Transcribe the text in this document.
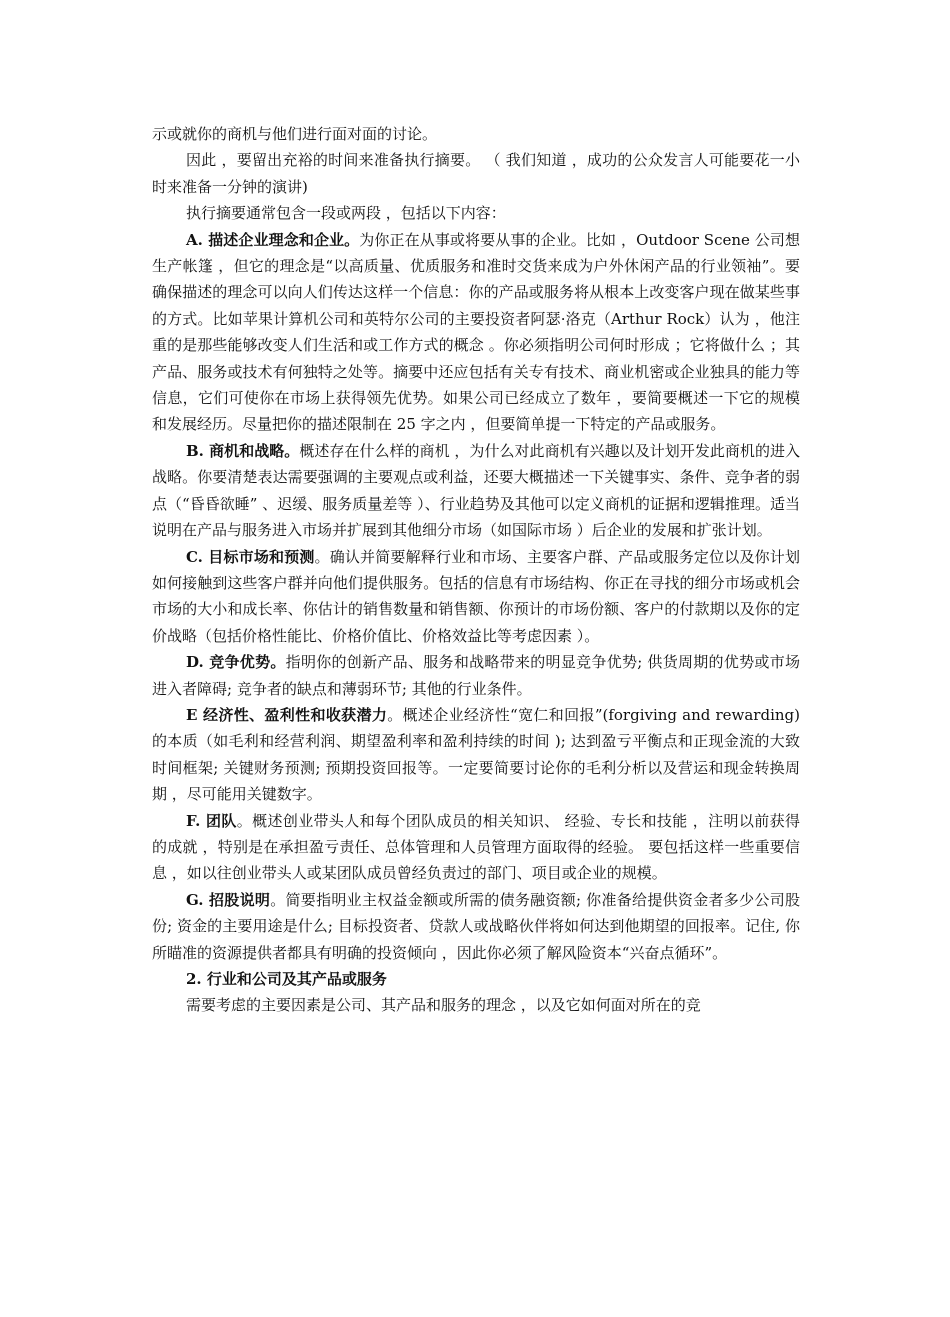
示或就你的商机与他们进行面对面的讨论。

因此 ，要留出充裕的时间来准备执行摘要。 （ 我们知道 ，成功的公众发言人可能要花一小时来准备一分钟的演讲)

执行摘要通常包含一段或两段 ，包括以下内容：

A. 描述企业理念和企业。为你正在从事或将要从事的企业。比如 ，Outdoor Scene 公司想生产帐篷 ，但它的理念是“以高质量、优质服务和准时交货来成为户外休闲产品的行业领袖”。要确保描述的理念可以向人们传达这样一个信息：你的产品或服务将从根本上改变客户现在做某些事的方式。比如苹果计算机公司和英特尔公司的主要投资者阿瑟·洛克（Arthur Rock）认为 ，他注重的是那些能够改变人们生活和或工作方式的概念 。你必须指明公司何时形成 ；它将做什么 ；其产品、服务或技术有何独特之处等。摘要中还应包括有关专有技术、商业机密或企业独具的能力等信息，它们可使你在市场上获得领先优势。如果公司已经成立了数年 ，要简要概述一下它的规模和发展经历。尽量把你的描述限制在 25 字之内 ，但要简单提一下特定的产品或服务。

B. 商机和战略。概述存在什么样的商机 ，为什么对此商机有兴趣以及计划开发此商机的进入战略。你要清楚表达需要强调的主要观点或利益，还要大概描述一下关键事实、条件、竞争者的弱点（“昏昏欲睡” 、迟缓、服务质量差等 ）、行业趋势及其他可以定义商机的证据和逻辑推理。适当说明在产品与服务进入市场并扩展到其他细分市场（如国际市场 ）后企业的发展和扩张计划。

C. 目标市场和预测。确认并简要解释行业和市场、主要客户群、产品或服务定位以及你计划如何接触到这些客户群并向他们提供服务。包括的信息有市场结构、你正在寻找的细分市场或机会市场的大小和成长率、你估计的销售数量和销售额、你预计的市场份额、客户的付款期以及你的定价战略（包括价格性能比、价格价值比、价格效益比等考虑因素 ）。

D. 竞争优势。指明你的创新产品、服务和战略带来的明显竞争优势; 供货周期的优势或市场进入者障碍; 竞争者的缺点和薄弱环节; 其他的行业条件。

E 经济性、盈利性和收获潜力。概述企业经济性“宽仁和回报”(forgiving and rewarding) 的本质（如毛利和经营利润、期望盈利率和盈利持续的时间 ); 达到盈亏平衡点和正现金流的大致时间框架; 关键财务预测; 预期投资回报等。一定要简要讨论你的毛利分析以及营运和现金转换周期 ，尽可能用关键数字。

F. 团队。概述创业带头人和每个团队成员的相关知识、 经验、专长和技能 ，注明以前获得的成就 ，特别是在承担盈亏责任、总体管理和人员管理方面取得的经验。 要包括这样一些重要信息 ，如以往创业带头人或某团队成员曾经负责过的部门、项目或企业的规模。

G. 招股说明。简要指明业主权益金额或所需的债务融资额; 你准备给提供资金者多少公司股份; 资金的主要用途是什么; 目标投资者、贷款人或战略伙伴将如何达到他期望的回报率。记住, 你所瞄准的资源提供者都具有明确的投资倾向 ，因此你必须了解风险资本“兴奋点循环”。

2. 行业和公司及其产品或服务

需要考虑的主要因素是公司、其产品和服务的理念 ，以及它如何面对所在的竞
